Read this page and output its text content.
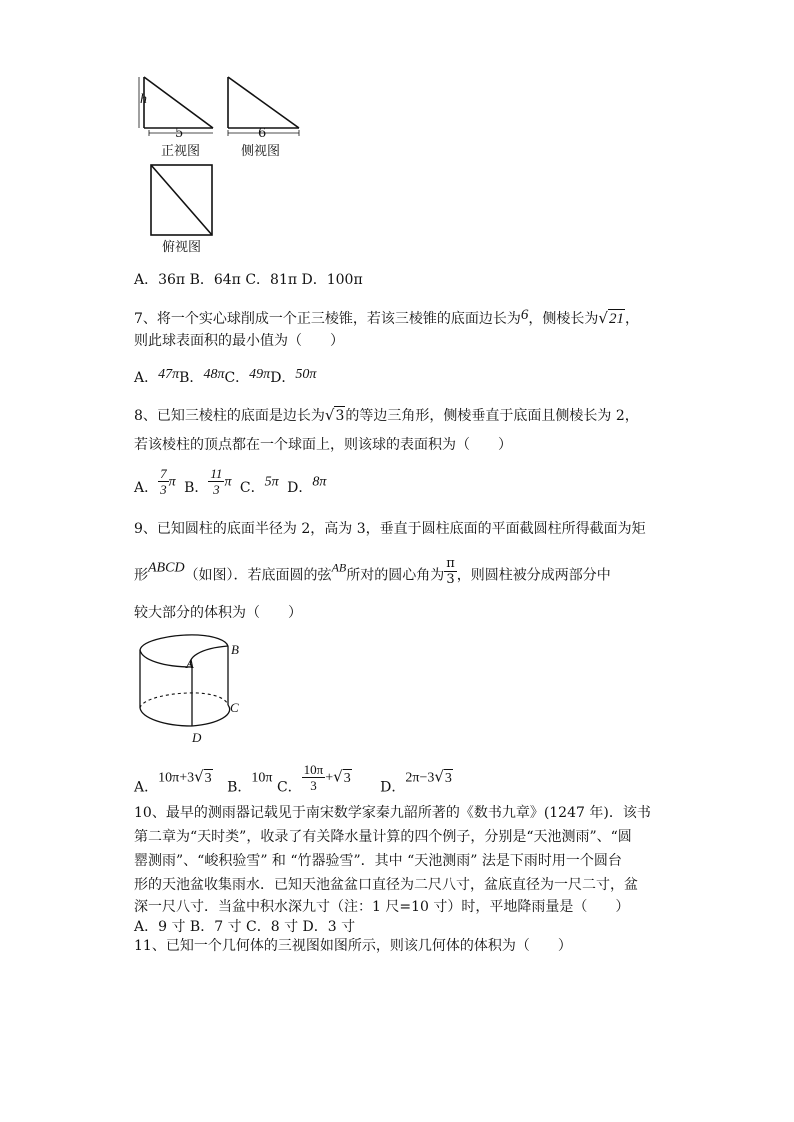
h
5
正视图
6
侧视图
俯视图
A．36π B．64π C．81π D．100π
7、将一个实心球削成一个正三棱锥，若该三棱锥的底面边长为6，侧棱长为√21，
则此球表面积的最小值为（　　）
A．47πB．48πC．49πD．50π
8、已知三棱柱的底面是边长为√3的等边三角形，侧棱垂直于底面且侧棱长为 2，
若该棱柱的顶点都在一个球面上，则该球的表面积为（　　）
A． $\frac{7}{3}$ π B． $\frac{11}{3}$ π C．5π D．8π
9、已知圆柱的底面半径为 2，高为 3，垂直于圆柱底面的平面截圆柱所得截面为矩
形ABCD（如图）．若底面圆的弦AB所对的圆心角为 $\frac{\pi}{3}$ ，则圆柱被分成两部分中
较大部分的体积为（　　）
A
B
C
D
A．10π+3√3 B．10π C． $\frac{10\pi}{3} +√3$ D．2π−3√3
10、最早的测雨器记载见于南宋数学家秦九韶所著的《数书九章》(1247 年)．该书
第二章为“天时类”，收录了有关降水量计算的四个例子，分别是“天池测雨”、“圆
罂测雨”、“峻积验雪” 和 “竹器验雪”．其中 “天池测雨” 法是下雨时用一个圆台
形的天池盆收集雨水．已知天池盆盆口直径为二尺八寸，盆底直径为一尺二寸，盆
深一尺八寸．当盆中积水深九寸（注：1 尺=10 寸）时，平地降雨量是（　　）
A．9 寸 B．7 寸 C．8 寸 D．3 寸
11、已知一个几何体的三视图如图所示，则该几何体的体积为（　　）
